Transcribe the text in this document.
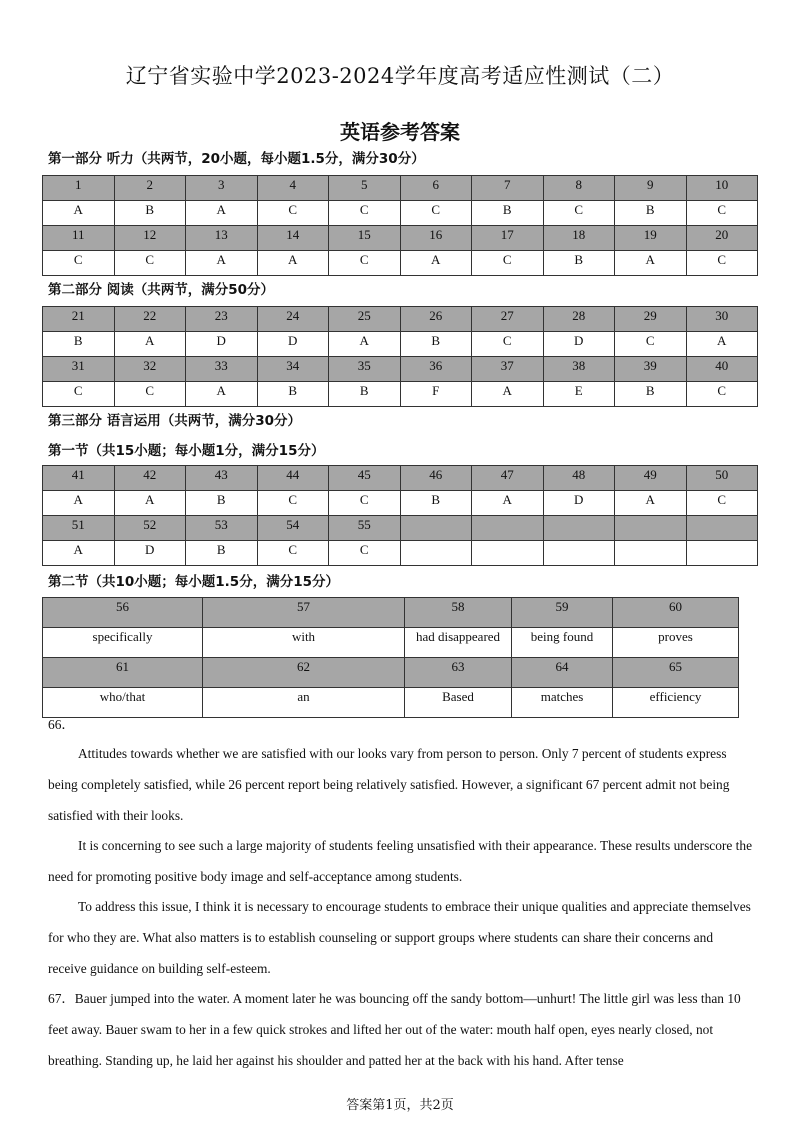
辽宁省实验中学2023-2024学年度高考适应性测试（二）
英语参考答案
第一部分 听力（共两节，20小题，每小题1.5分，满分30分）
1	2	3	4	5	6	7	8	9	10
A	B	A	C	C	C	B	C	B	C
11	12	13	14	15	16	17	18	19	20
C	C	A	A	C	A	C	B	A	C
第二部分 阅读（共两节，满分50分）
21	22	23	24	25	26	27	28	29	30
B	A	D	D	A	B	C	D	C	A
31	32	33	34	35	36	37	38	39	40
C	C	A	B	B	F	A	E	B	C
第三部分 语言运用（共两节，满分30分）
第一节（共15小题；每小题1分，满分15分）
41	42	43	44	45	46	47	48	49	50
A	A	B	C	C	B	A	D	A	C
51	52	53	54	55					
A	D	B	C	C					
第二节（共10小题；每小题1.5分，满分15分）
56	57	58	59	60
specifically	with	had disappeared	being found	proves
61	62	63	64	65
who/that	an	Based	matches	efficiency
66．
Attitudes towards whether we are satisfied with our looks vary from person to person. Only 7 percent of students express being completely satisfied, while 26 percent report being relatively satisfied. However, a significant 67 percent admit not being satisfied with their looks.
It is concerning to see such a large majority of students feeling unsatisfied with their appearance. These results underscore the need for promoting positive body image and self-acceptance among students.
To address this issue, I think it is necessary to encourage students to embrace their unique qualities and appreciate themselves for who they are. What also matters is to establish counseling or support groups where students can share their concerns and receive guidance on building self-esteem.
67．Bauer jumped into the water. A moment later he was bouncing off the sandy bottom—unhurt! The little girl was less than 10 feet away. Bauer swam to her in a few quick strokes and lifted her out of the water: mouth half open, eyes nearly closed, not breathing. Standing up, he laid her against his shoulder and patted her at the back with his hand. After tense
答案第1页，共2页
